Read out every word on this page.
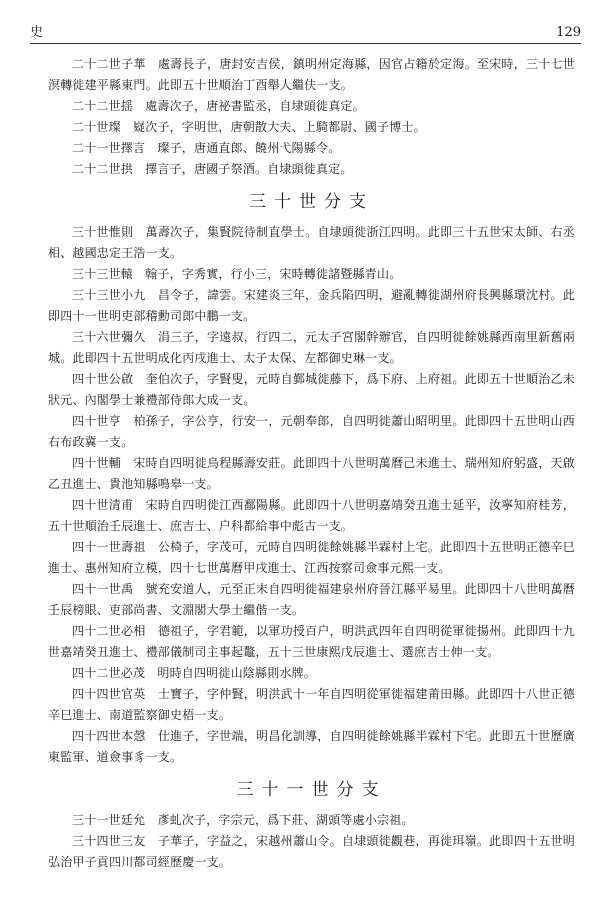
史	129

二十二世子華　處壽長子，唐封安吉侯，鎮明州定海縣，因官占籍於定海。至宋時，三十七世溟轉徙建平縣東門。此即五十世順治丁酉舉人繼伕一支。

二十二世揺　處壽次子，唐祕書監丞，自埭頭徙真定。

二十世璨　嶷次子，字明世，唐朝散大夫、上騎都尉、國子博士。

二十一世擇言　璨子，唐通直郎、饒州弋陽縣令。

二十二世拱　擇言子，唐國子祭酒。自埭頭徙真定。

三十世分支

三十世惟則　萬壽次子，集賢院待制直學士。自埭頭徙浙江四明。此即三十五世宋太師、右丞相、越國忠定王浩一支。

三十三世轅　翰子，字秀實，行小三，宋時轉徙諸暨縣青山。

三十三世小九　昌令子，諱雲。宋建炎三年，金兵陷四明，避亂轉徙湖州府長興縣環沈村。此即四十一世明吏部稽勳司郎中鵬一支。

三十六世彌久　涓三子，字遠叔，行四二，元太子宮閣幹辦官，自四明徙餘姚縣西南里新舊兩城。此即四十五世明成化丙戌進士、太子太保、左都御史琳一支。

四十世公啟　奎伯次子，字賢叟，元時自鄞城徙藤下，爲下府、上府祖。此即五十世順治乙未狀元、內閣學士兼禮部侍郎大成一支。

四十世亨　柏孫子，字公亨，行安一，元朝奉郎，自四明徙蕭山昭明里。此即四十五世明山西右布政冀一支。

四十世輔　宋時自四明徙烏程縣壽安莊。此即四十八世明萬曆己未進士、瑞州知府躬盛，天啟乙丑進士、貴池知縣鳴皋一支。

四十世清甫　宋時自四明徙江西鄱陽縣。此即四十八世明嘉靖癸丑進士延平，汝寧知府桂芳，五十世順治壬辰進士、庶吉士、户科都給事中彪古一支。

四十一世壽祖　公椅子，字茂可，元時自四明徙餘姚縣半霖村上宅。此即四十五世明正德辛巳進士、惠州知府立模，四十七世萬曆甲戌進士、江西按察司僉事元熙一支。

四十一世禹　號充安道人，元至正末自四明徙福建泉州府晉江縣平易里。此即四十八世明萬曆壬辰榜眼、吏部尚書、文淵閣大學士繼偕一支。

四十二世必相　德祖子，字君範，以軍功授百户，明洪武四年自四明從軍徙揚州。此即四十九世嘉靖癸丑進士、禮部儀制司主事起鼇，五十三世康熙戊辰進士、選庶吉士伸一支。

四十二世必茂　明時自四明徙山陰縣則水牌。

四十四世官英　士寶子，字仲賢，明洪武十一年自四明從軍徙福建莆田縣。此即四十八世正德辛巳進士、南道監察御史梧一支。

四十四世本愨　仕進子，字世端，明昌化訓導，自四明徙餘姚縣半霖村下宅。此即五十世歷廣東監軍、道僉事豸一支。

三十一世分支

三十一世廷允　彥虬次子，字宗元，爲下莊、湖頭等處小宗祖。

三十四世三友　子華子，字益之，宋越州蕭山令。自埭頭徙觀巷，再徙珥嶺。此即四十五世明弘治甲子貢四川都司經歷慶一支。
